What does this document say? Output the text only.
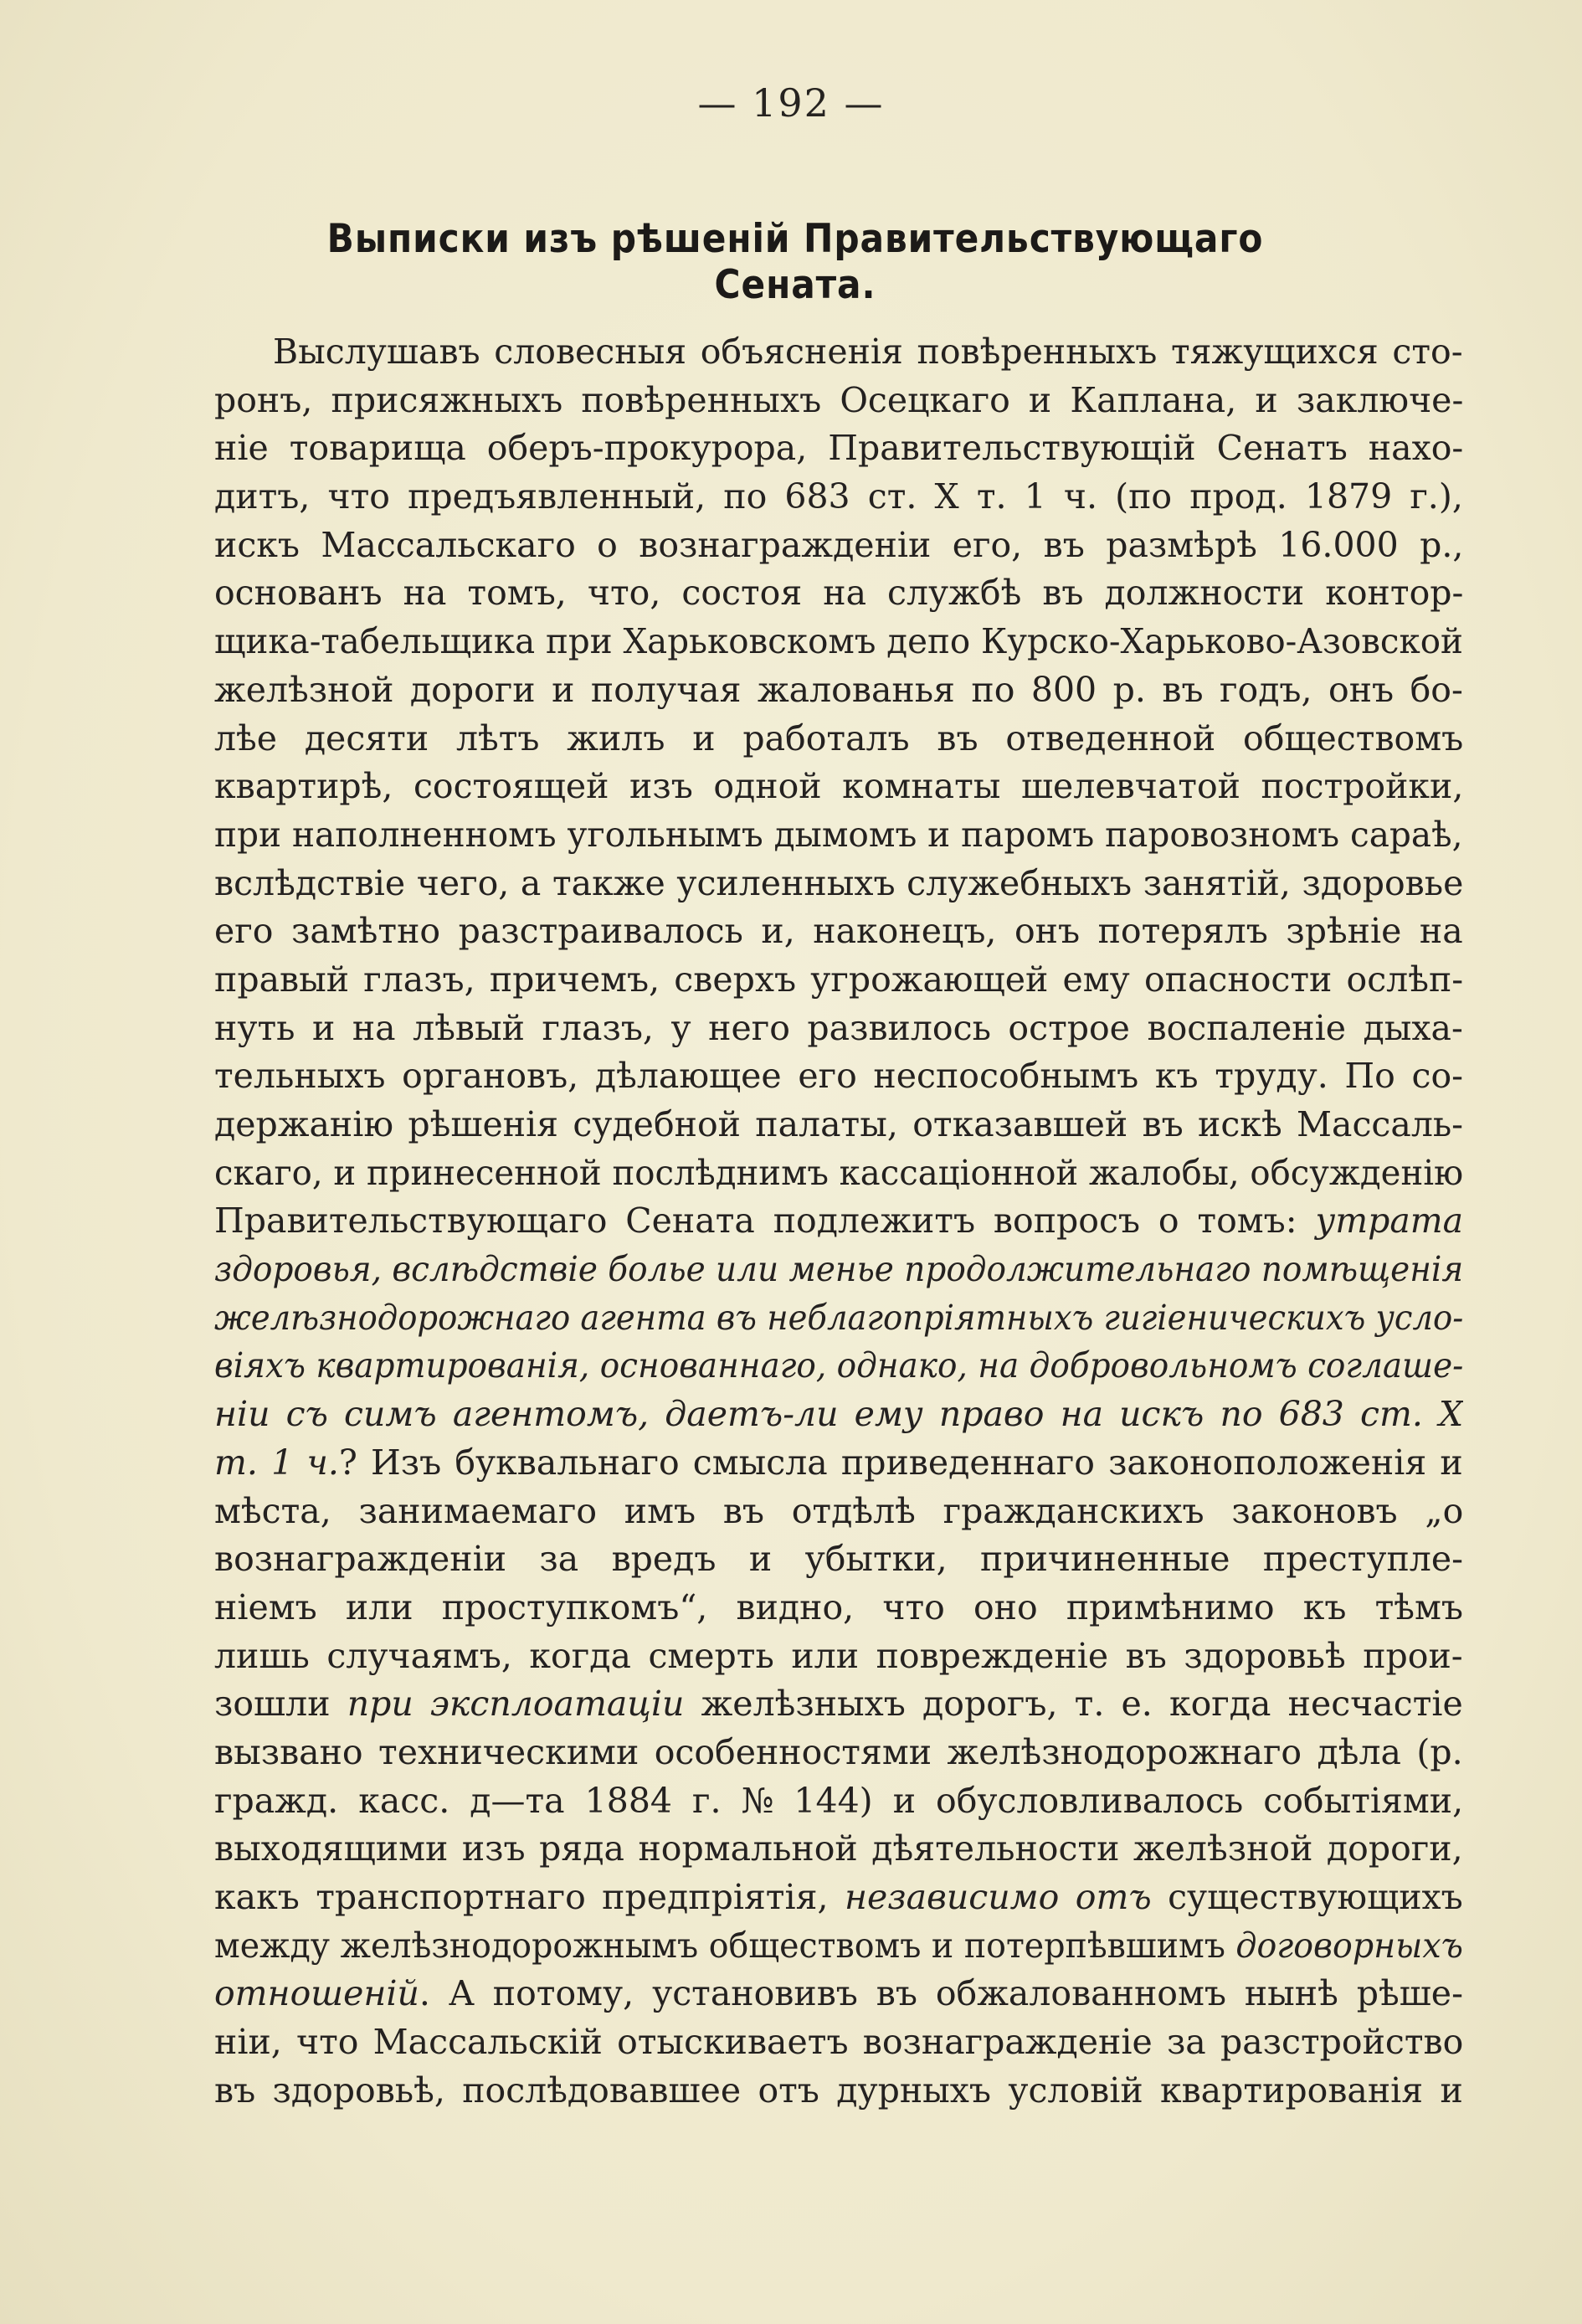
— 192 —
Выписки изъ рѣшеній Правительствующаго Сената.
Выслушавъ словесныя объясненія повѣренныхъ тяжущихся сто-
ронъ, присяжныхъ повѣренныхъ Осецкаго и Каплана, и заключе-
ніе товарища оберъ-прокурора, Правительствующій Сенатъ нахо-
дитъ, что предъявленный, по 683 ст. X т. 1 ч. (по прод. 1879 г.),
искъ Массальскаго о вознагражденіи его, въ размѣрѣ 16.000 р.,
основанъ на томъ, что, состоя на службѣ въ должности контор-
щика-табельщика при Харьковскомъ депо Курско-Харьково-Азовской
желѣзной дороги и получая жалованья по 800 р. въ годъ, онъ бо-
лѣе десяти лѣтъ жилъ и работалъ въ отведенной обществомъ
квартирѣ, состоящей изъ одной комнаты шелевчатой постройки,
при наполненномъ угольнымъ дымомъ и паромъ паровозномъ сараѣ,
вслѣдствіе чего, а также усиленныхъ служебныхъ занятій, здоровье
его замѣтно разстраивалось и, наконецъ, онъ потерялъ зрѣніе на
правый глазъ, причемъ, сверхъ угрожающей ему опасности ослѣп-
нуть и на лѣвый глазъ, у него развилось острое воспаленіе дыха-
тельныхъ органовъ, дѣлающее его неспособнымъ къ труду. По со-
держанію рѣшенія судебной палаты, отказавшей въ искѣ Массаль-
скаго, и принесенной послѣднимъ кассаціонной жалобы, обсужденію
Правительствующаго Сената подлежитъ вопросъ о томъ: утрата
здоровья, вслѣдствіе болье или менье продолжительнаго помѣщенія
желѣзнодорожнаго агента въ неблагопріятныхъ гигіеническихъ усло-
віяхъ квартированія, основаннаго, однако, на добровольномъ соглаше-
ніи съ симъ агентомъ, даетъ-ли ему право на искъ по 683 ст. X
т. 1 ч.? Изъ буквальнаго смысла приведеннаго законоположенія и
мѣста, занимаемаго имъ въ отдѣлѣ гражданскихъ законовъ „о
вознагражденіи за вредъ и убытки, причиненные преступле-
ніемъ или проступкомъ“, видно, что оно примѣнимо къ тѣмъ
лишь случаямъ, когда смерть или поврежденіе въ здоровьѣ прои-
зошли при эксплоатаціи желѣзныхъ дорогъ, т. е. когда несчастіе
вызвано техническими особенностями желѣзнодорожнаго дѣла (р.
гражд. касс. д—та 1884 г. № 144) и обусловливалось событіями,
выходящими изъ ряда нормальной дѣятельности желѣзной дороги,
какъ транспортнаго предпріятія, независимо отъ существующихъ
между желѣзнодорожнымъ обществомъ и потерпѣвшимъ договорныхъ
отношеній. А потому, установивъ въ обжалованномъ нынѣ рѣше-
ніи, что Массальскій отыскиваетъ вознагражденіе за разстройство
въ здоровьѣ, послѣдовавшее отъ дурныхъ условій квартированія и
